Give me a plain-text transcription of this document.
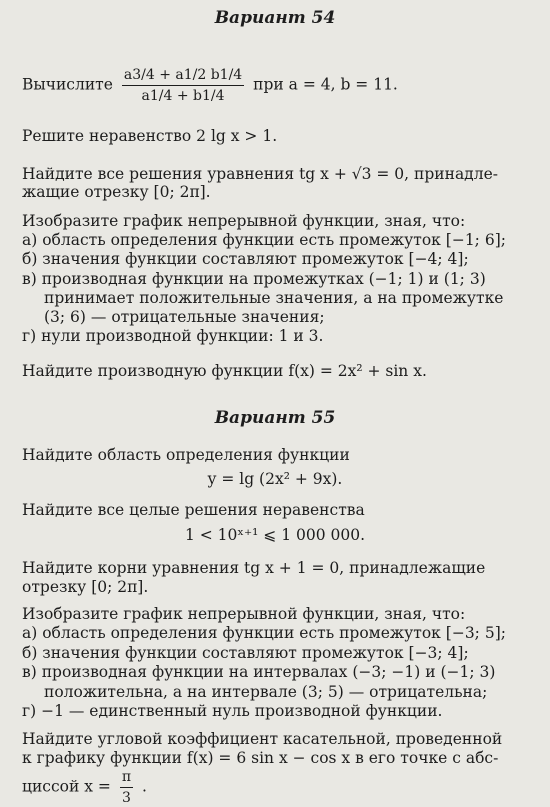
Вариант 54
Вычислите $\frac{a3/4 + a1/2 b1/4}{a1/4 + b1/4}$ при a = 4, b = 11.
Решите неравенство 2 lg x > 1.
Найдите все решения уравнения tg x + √3 = 0, принадле-
жащие отрезку [0; 2π].
Изобразите график непрерывной функции, зная, что:
а) область определения функции есть промежуток [−1; 6];
б) значения функции составляют промежуток [−4; 4];
в) производная функции на промежутках (−1; 1) и (1; 3)
принимает положительные значения, а на промежутке
(3; 6) — отрицательные значения;
г) нули производной функции: 1 и 3.
Найдите производную функции f(x) = 2x² + sin x.
Вариант 55
Найдите область определения функции
y = lg (2x² + 9x).
Найдите все целые решения неравенства
1 < 10ˣ⁺¹ ⩽ 1 000 000.
Найдите корни уравнения tg x + 1 = 0, принадлежащие
отрезку [0; 2π].
Изобразите график непрерывной функции, зная, что:
а) область определения функции есть промежуток [−3; 5];
б) значения функции составляют промежуток [−3; 4];
в) производная функции на интервалах (−3; −1) и (−1; 3)
положительна, а на интервале (3; 5) — отрицательна;
г) −1 — единственный нуль производной функции.
Найдите угловой коэффициент касательной, проведенной
к графику функции f(x) = 6 sin x − cos x в его точке с абс-
циссой $x = \frac{\pi}{3}$ .
